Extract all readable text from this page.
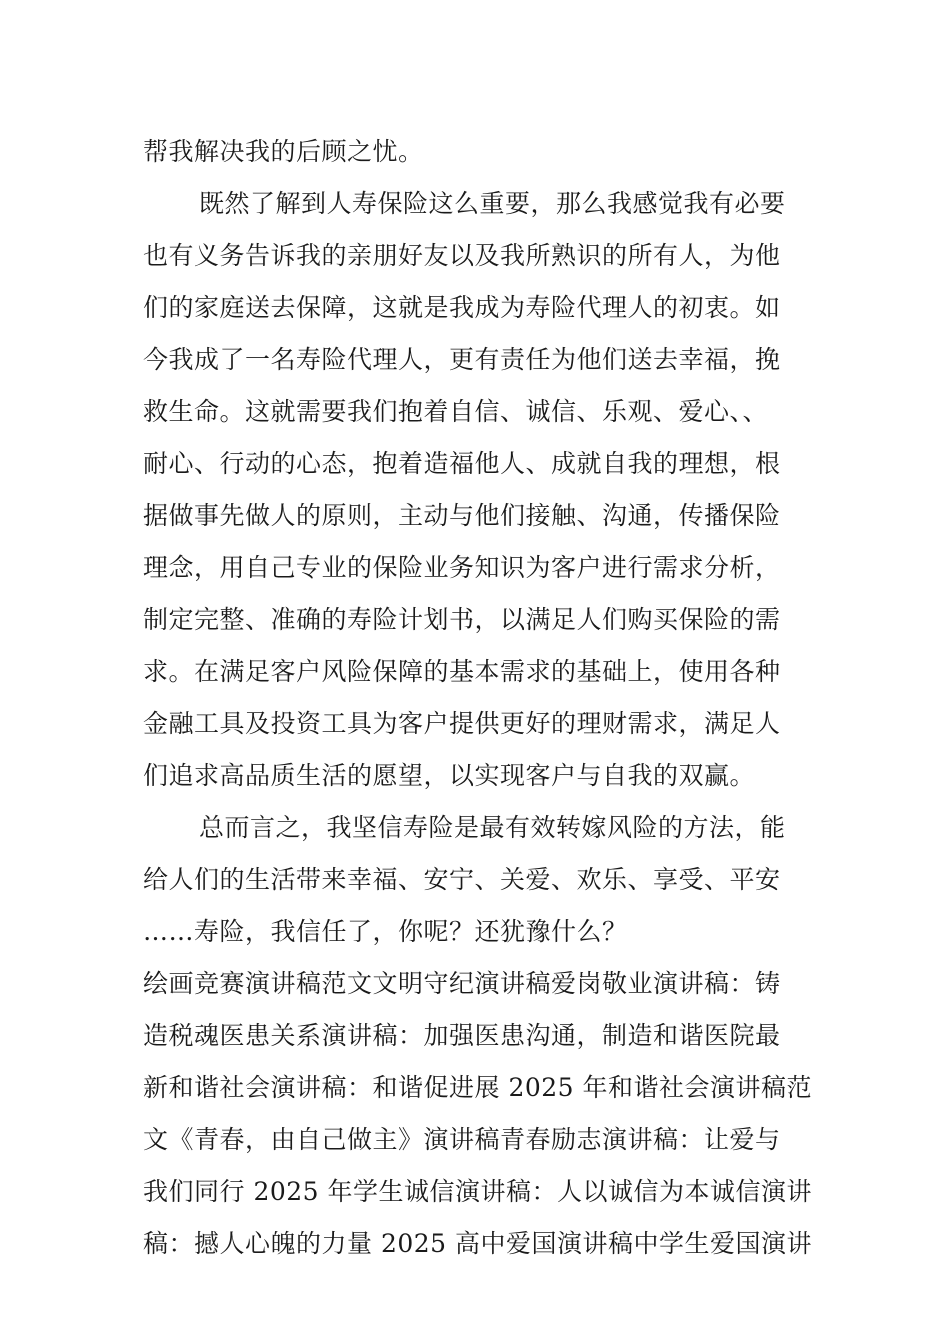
帮我解决我的后顾之忧。
既然了解到人寿保险这么重要，那么我感觉我有必要
也有义务告诉我的亲朋好友以及我所熟识的所有人，为他
们的家庭送去保障，这就是我成为寿险代理人的初衷。如
今我成了一名寿险代理人，更有责任为他们送去幸福，挽
救生命。这就需要我们抱着自信、诚信、乐观、爱心、、
耐心、行动的心态，抱着造福他人、成就自我的理想，根
据做事先做人的原则，主动与他们接触、沟通，传播保险
理念，用自己专业的保险业务知识为客户进行需求分析，
制定完整、准确的寿险计划书，以满足人们购买保险的需
求。在满足客户风险保障的基本需求的基础上，使用各种
金融工具及投资工具为客户提供更好的理财需求，满足人
们追求高品质生活的愿望，以实现客户与自我的双赢。
总而言之，我坚信寿险是最有效转嫁风险的方法，能
给人们的生活带来幸福、安宁、关爱、欢乐、享受、平安
……寿险，我信任了，你呢？还犹豫什么？
绘画竞赛演讲稿范文文明守纪演讲稿爱岗敬业演讲稿：铸
造税魂医患关系演讲稿：加强医患沟通，制造和谐医院最
新和谐社会演讲稿：和谐促进展 2025 年和谐社会演讲稿范
文《青春，由自己做主》演讲稿青春励志演讲稿：让爱与
我们同行 2025 年学生诚信演讲稿：人以诚信为本诚信演讲
稿：撼人心魄的力量 2025 高中爱国演讲稿中学生爱国演讲
